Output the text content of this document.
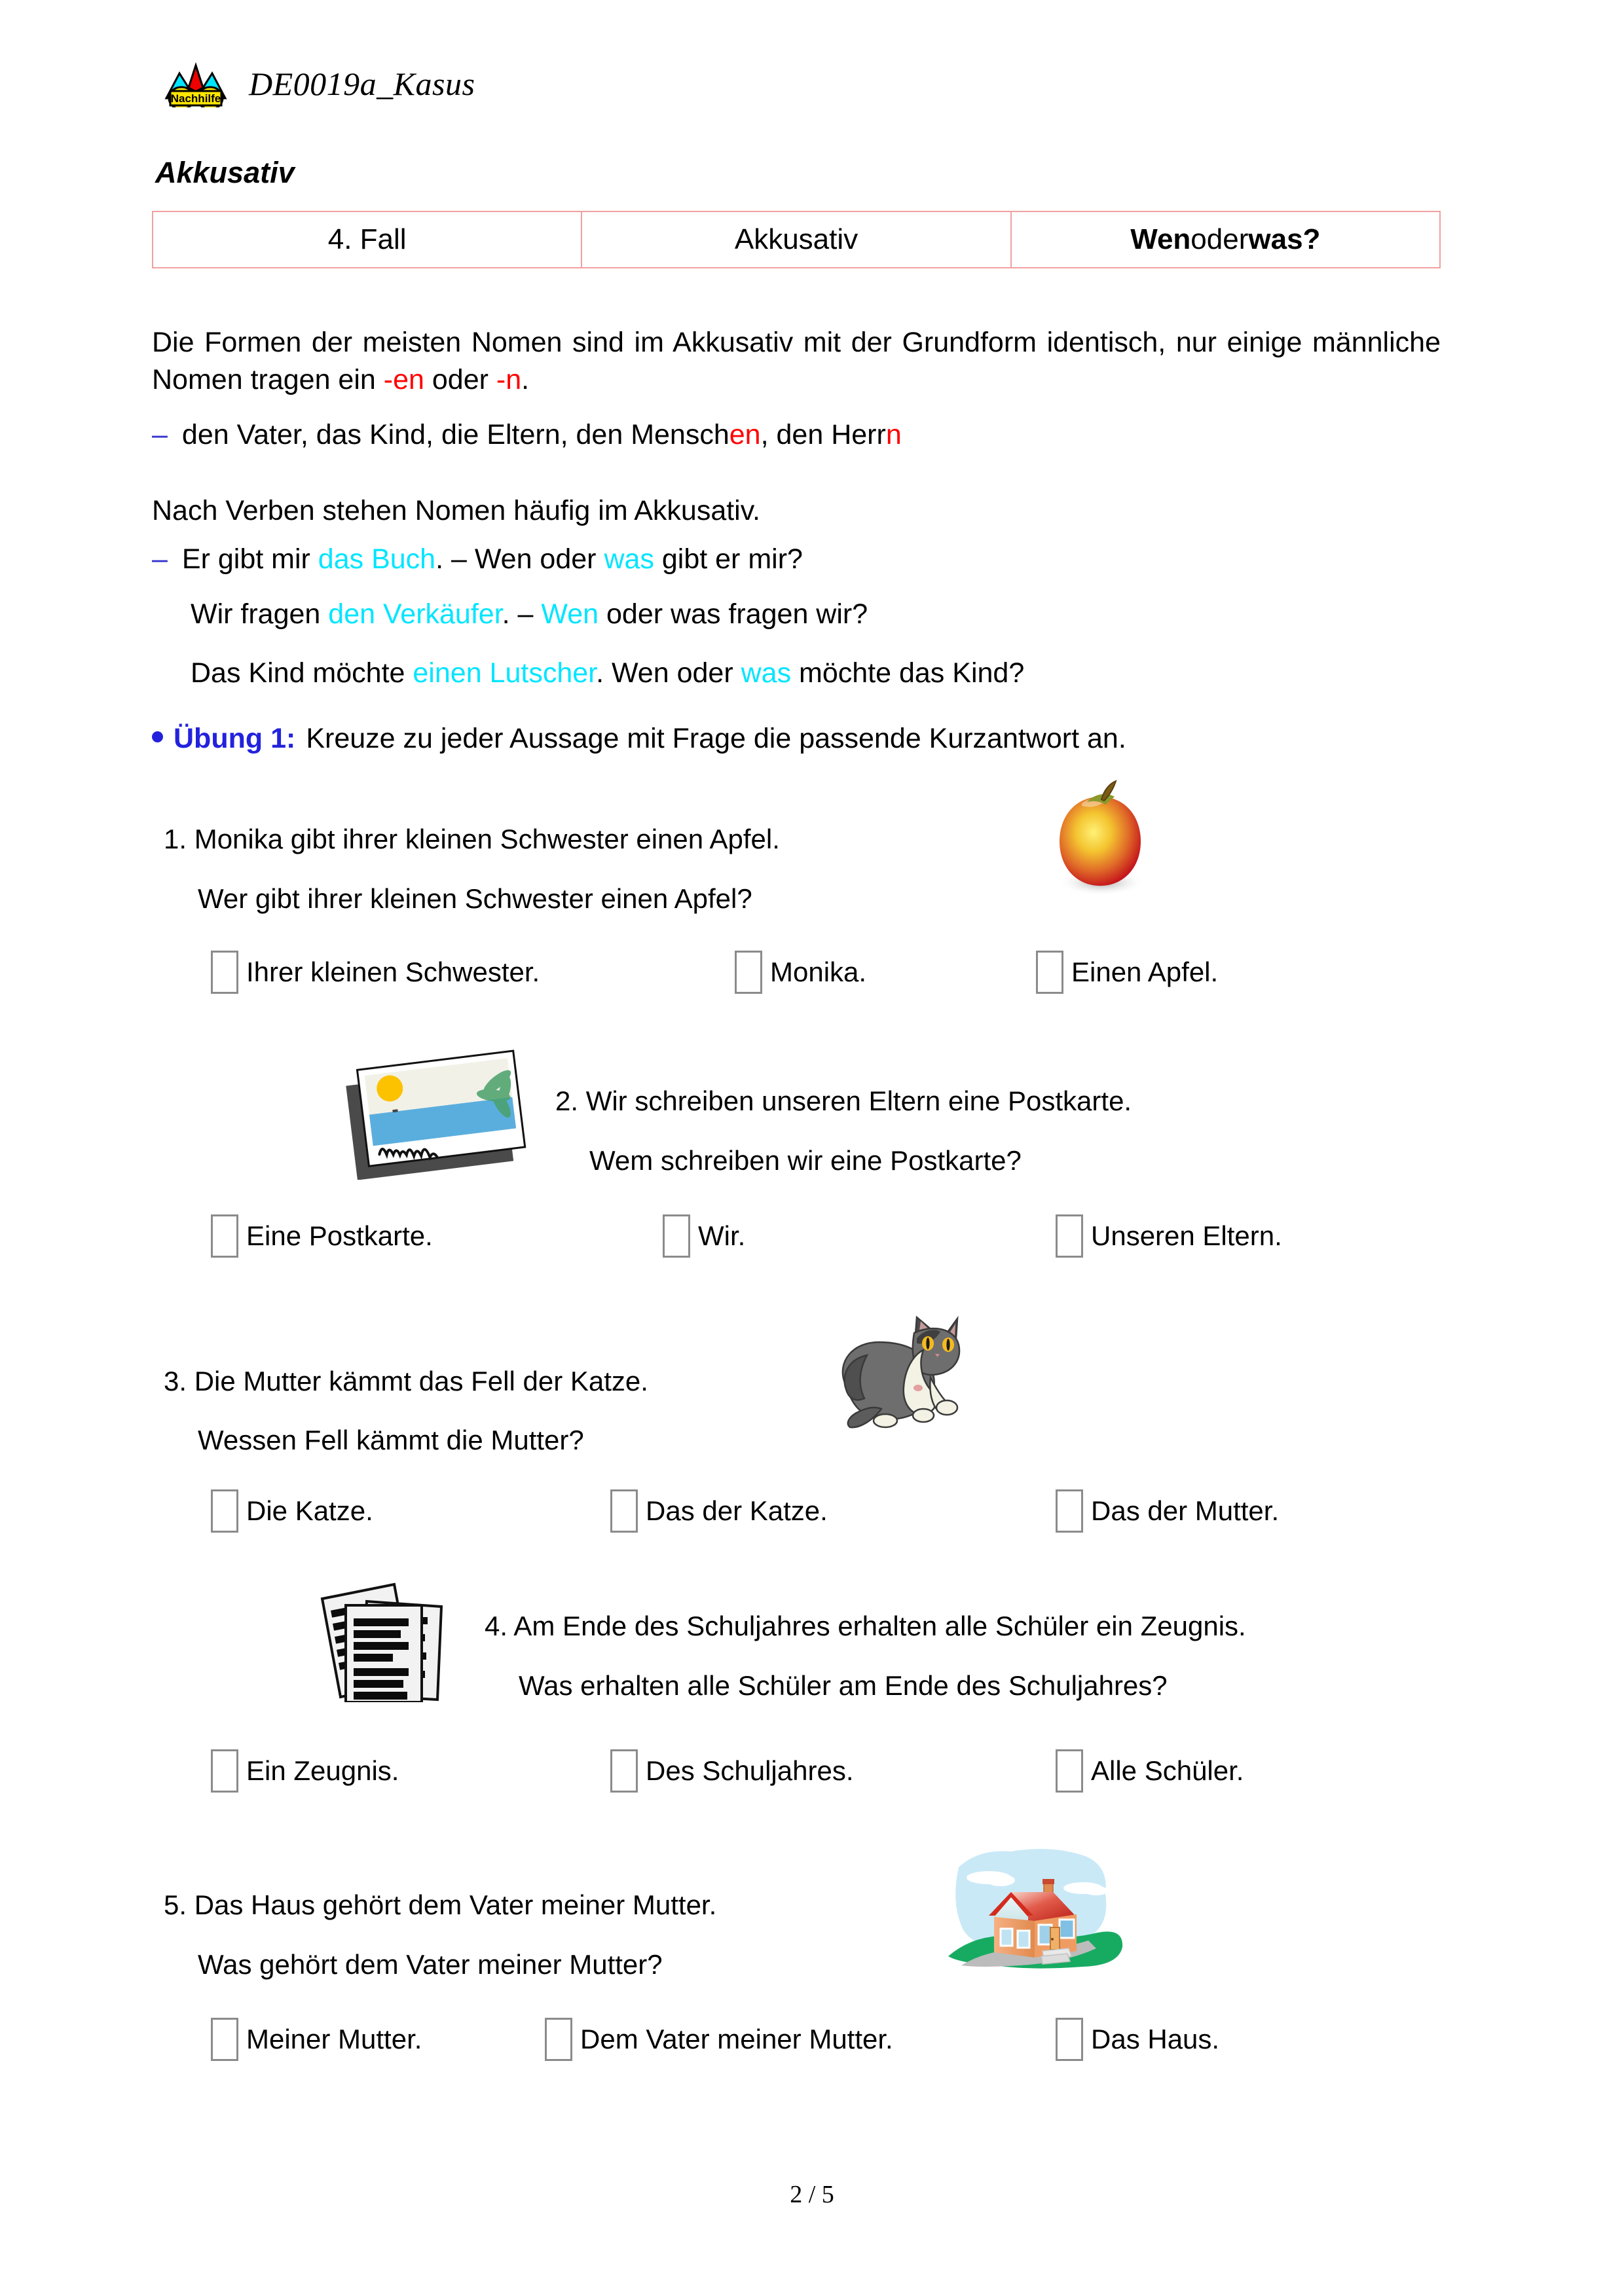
Nachhilfe DE0019a_Kasus
Akkusativ
4. Fall	Akkusativ	Wen oder was?
Die Formen der meisten Nomen sind im Akkusativ mit der Grundform identisch, nur einige männliche Nomen tragen ein -en oder -n.
– den Vater, das Kind, die Eltern, den Menschen, den Herrn
Nach Verben stehen Nomen häufig im Akkusativ.
– Er gibt mir das Buch. – Wen oder was gibt er mir?
Wir fragen den Verkäufer. – Wen oder was fragen wir?
Das Kind möchte einen Lutscher. Wen oder was möchte das Kind?
Übung 1: Kreuze zu jeder Aussage mit Frage die passende Kurzantwort an.
1. Monika gibt ihrer kleinen Schwester einen Apfel.
Wer gibt ihrer kleinen Schwester einen Apfel?
Ihrer kleinen Schwester.	Monika.	Einen Apfel.
2. Wir schreiben unseren Eltern eine Postkarte.
Wem schreiben wir eine Postkarte?
Eine Postkarte.	Wir.	Unseren Eltern.
3. Die Mutter kämmt das Fell der Katze.
Wessen Fell kämmt die Mutter?
Die Katze.	Das der Katze.	Das der Mutter.
4. Am Ende des Schuljahres erhalten alle Schüler ein Zeugnis.
Was erhalten alle Schüler am Ende des Schuljahres?
Ein Zeugnis.	Des Schuljahres.	Alle Schüler.
5. Das Haus gehört dem Vater meiner Mutter.
Was gehört dem Vater meiner Mutter?
Meiner Mutter.	Dem Vater meiner Mutter.	Das Haus.
2 / 5
